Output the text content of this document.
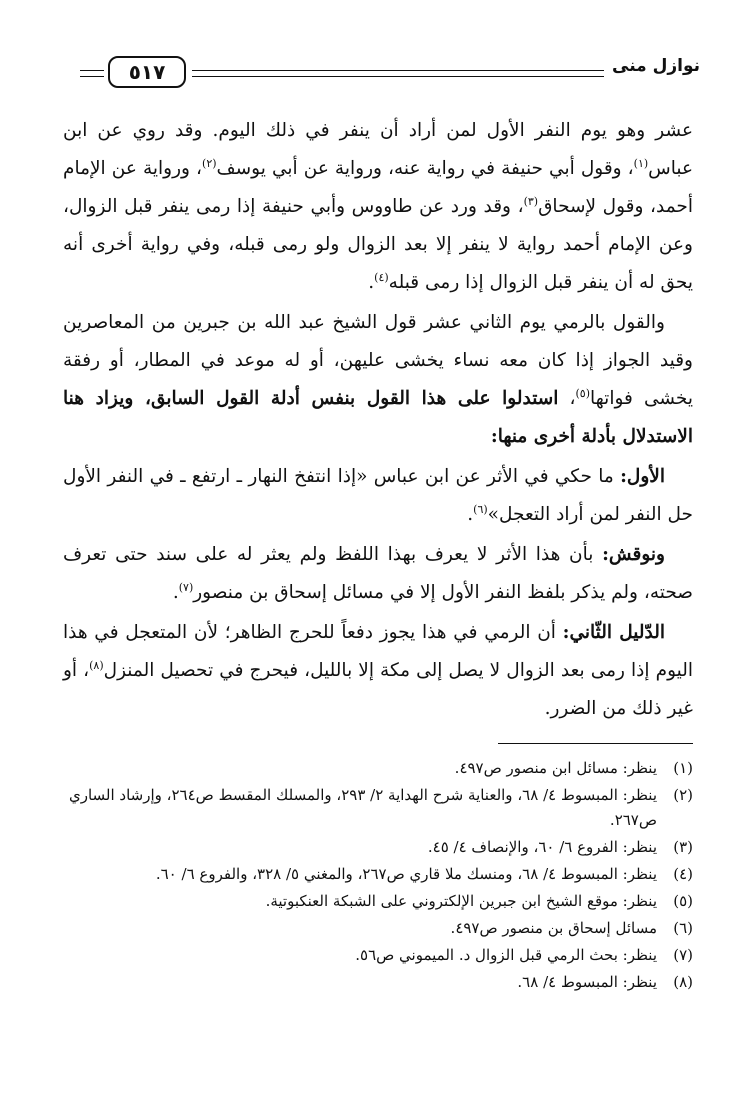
نوازل منى
٥١٧

عشر وهو يوم النفر الأول لمن أراد أن ينفر في ذلك اليوم. وقد روي عن ابن عباس$^{(١)}$، وقول أبي حنيفة في رواية عنه، ورواية عن أبي يوسف$^{(٢)}$، ورواية عن الإمام أحمد، وقول لإسحاق$^{(٣)}$، وقد ورد عن طاووس وأبي حنيفة إذا رمى ينفر قبل الزوال، وعن الإمام أحمد رواية لا ينفر إلا بعد الزوال ولو رمى قبله، وفي رواية أخرى أنه يحق له أن ينفر قبل الزوال إذا رمى قبله$^{(٤)}$.

والقول بالرمي يوم الثاني عشر قول الشيخ عبد الله بن جبرين من المعاصرين وقيد الجواز إذا كان معه نساء يخشى عليهن، أو له موعد في المطار، أو رفقة يخشى فواتها$^{(٥)}$، استدلوا على هذا القول بنفس أدلة القول السابق، ويزاد هنا الاستدلال بأدلة أخرى منها:

الأول: ما حكي في الأثر عن ابن عباس «إذا انتفخ النهار ـ ارتفع ـ في النفر الأول حل النفر لمن أراد التعجل»$^{(٦)}$.

ونوقش: بأن هذا الأثر لا يعرف بهذا اللفظ ولم يعثر له على سند حتى تعرف صحته، ولم يذكر بلفظ النفر الأول إلا في مسائل إسحاق بن منصور$^{(٧)}$.

الدّليل الثّاني: أن الرمي في هذا يجوز دفعاً للحرج الظاهر؛ لأن المتعجل في هذا اليوم إذا رمى بعد الزوال لا يصل إلى مكة إلا بالليل، فيحرج في تحصيل المنزل$^{(٨)}$، أو غير ذلك من الضرر.

(١)
ينظر: مسائل ابن منصور ص٤٩٧.
(٢)
ينظر: المبسوط ٤/ ٦٨، والعناية شرح الهداية ٢/ ٢٩٣، والمسلك المقسط ص٢٦٤، وإرشاد الساري ص٢٦٧.
(٣)
ينظر: الفروع ٦/ ٦٠، والإنصاف ٤/ ٤٥.
(٤)
ينظر: المبسوط ٤/ ٦٨، ومنسك ملا قاري ص٢٦٧، والمغني ٥/ ٣٢٨، والفروع ٦/ ٦٠.
(٥)
ينظر: موقع الشيخ ابن جبرين الإلكتروني على الشبكة العنكبوتية.
(٦)
مسائل إسحاق بن منصور ص٤٩٧.
(٧)
ينظر: بحث الرمي قبل الزوال د. الميموني ص٥٦.
(٨)
ينظر: المبسوط ٤/ ٦٨.
